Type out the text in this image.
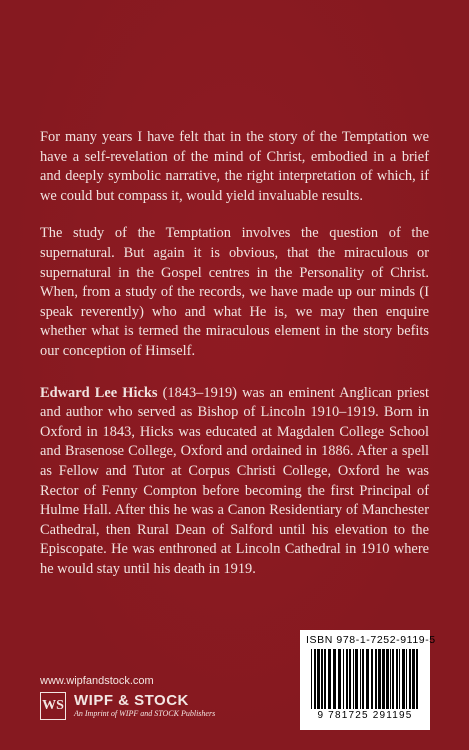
For many years I have felt that in the story of the Temptation we have a self-revelation of the mind of Christ, embodied in a brief and deeply symbolic narrative, the right interpretation of which, if we could but compass it, would yield invaluable results.

The study of the Temptation involves the question of the supernatural. But again it is obvious, that the miraculous or supernatural in the Gospel centres in the Personality of Christ. When, from a study of the records, we have made up our minds (I speak reverently) who and what He is, we may then enquire whether what is termed the miraculous element in the story befits our conception of Himself.

Edward Lee Hicks (1843–1919) was an eminent Anglican priest and author who served as Bishop of Lincoln 1910–1919. Born in Oxford in 1843, Hicks was educated at Magdalen College School and Brasenose College, Oxford and ordained in 1886. After a spell as Fellow and Tutor at Corpus Christi College, Oxford he was Rector of Fenny Compton before becoming the first Principal of Hulme Hall. After this he was a Canon Residentiary of Manchester Cathedral, then Rural Dean of Salford until his elevation to the Episcopate. He was enthroned at Lincoln Cathedral in 1910 where he would stay until his death in 1919.

www.wipfandstock.com
WS WIPF & STOCK
An Imprint of WIPF and STOCK Publishers
ISBN 978-1-7252-9119-5
9 781725 291195
